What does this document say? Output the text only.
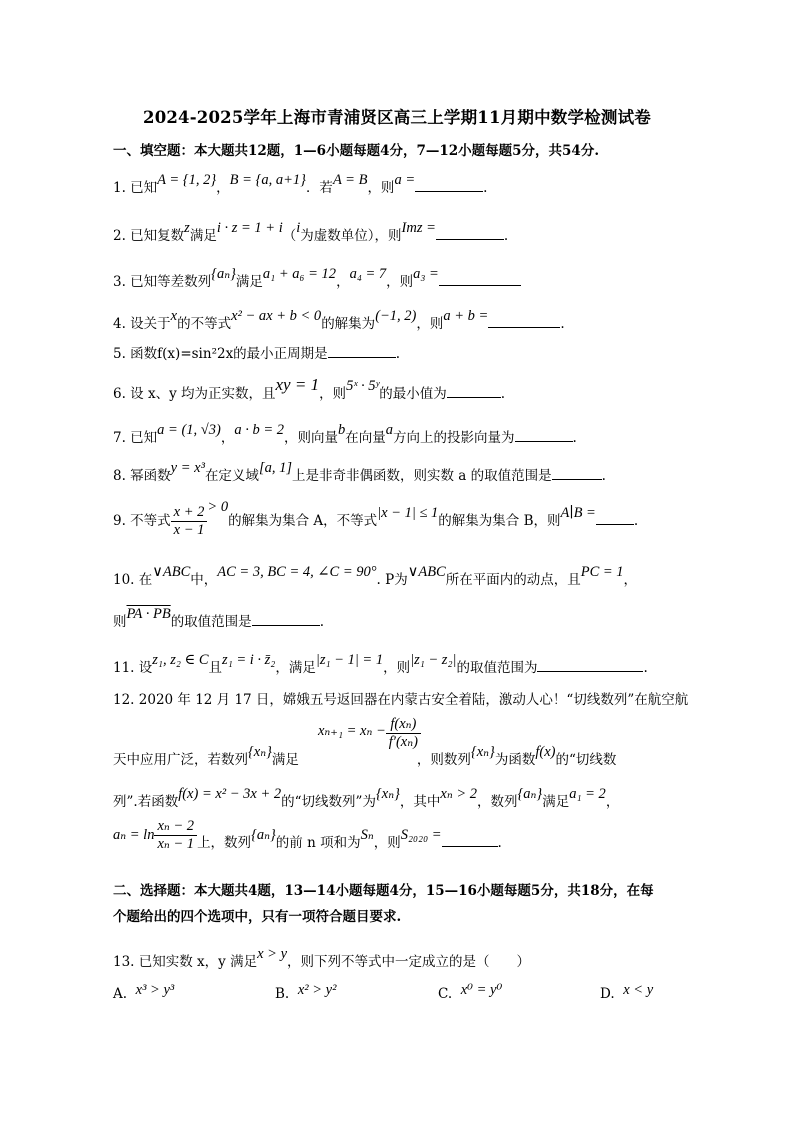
2024-2025学年上海市青浦贤区高三上学期11月期中数学检测试卷
一、填空题：本大题共12题，1—6小题每题4分，7—12小题每题5分，共54分.
1. 已知A = {1, 2}，B = {a, a+1}．若A = B，则a =	.
2. 已知复数z满足i · z = 1 + i（i为虚数单位），则Imz =	.
3. 已知等差数列{aₙ}满足a₁ + a₆ = 12，a₄ = 7，则a₃ =
4. 设关于x的不等式x² − ax + b < 0的解集为(−1, 2)，则a + b =	.
5. 函数f(x)=sin²2x的最小正周期是	.
6. 设 x、y 均为正实数，且xy = 1，则5ˣ · 5ʸ的最小值为	.
7. 已知a = (1, √3)，a · b = 2，则向量b在向量a方向上的投影向量为	.
8. 幂函数y = x³在定义域[a, 1]上是非奇非偶函数，则实数 a 的取值范围是	.
9. 不等式 $\frac{x + 2}{x - 1} > 0$的解集为集合 A，不等式|x − 1| ≤ 1的解集为集合 B，则A∣B =	.
10. 在∨ABC中，AC = 3, BC = 4, ∠C = 90°. P为∨ABC所在平面内的动点，且PC = 1，
则PA · PB的取值范围是	.
11. 设z₁, z₂ ∈ C且z₁ = i · z̄₂，满足|z₁ − 1| = 1，则|z₁ − z₂|的取值范围为	.
12. 2020 年 12 月 17 日，嫦娥五号返回器在内蒙古安全着陆，激动人心！“切线数列”在航空航
$x_{n+1} = x_n - \frac{\text{f(xₙ)}}{\text{f′(xₙ)}}$
天中应用广泛，若数列{xₙ}满足	，则数列{xₙ}为函数f(x)的“切线数
列”.若函数f(x) = x² − 3x + 2的“切线数列”为{xₙ}，其中xₙ > 2，数列{aₙ}满足a₁ = 2，
$a_n = \ln \frac{\text{xₙ − 2}}{\text{xₙ − 1}}$ 上，数列{aₙ}的前 n 项和为Sₙ，则S₂₀₂₀ =	.
二、选择题：本大题共4题，13—14小题每题4分，15—16小题每题5分，共18分，在每
个题给出的四个选项中，只有一项符合题目要求.
13. 已知实数 x，y 满足x > y，则下列不等式中一定成立的是（　　）
A. x³ > y³	B. x² > y²	C. x⁰ = y⁰	D. x < y
